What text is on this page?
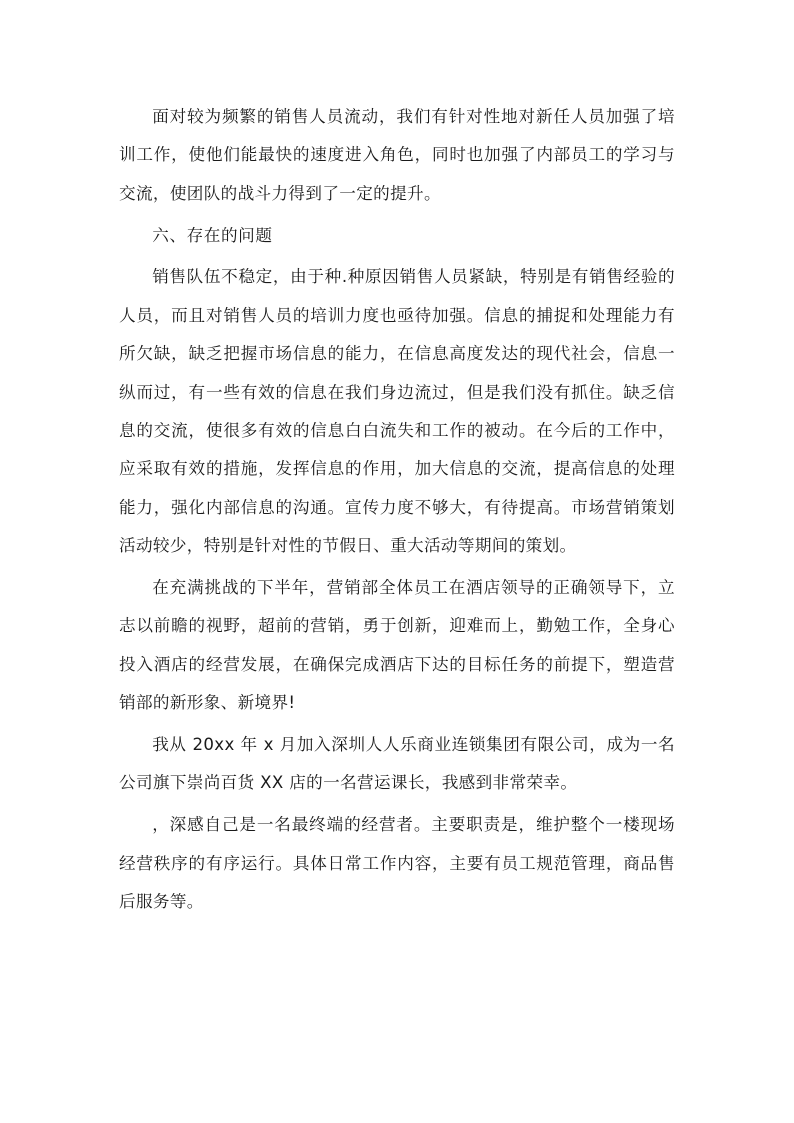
面对较为频繁的销售人员流动，我们有针对性地对新任人员加强了培训工作，使他们能最快的速度进入角色，同时也加强了内部员工的学习与交流，使团队的战斗力得到了一定的提升。

六、存在的问题

销售队伍不稳定，由于种.种原因销售人员紧缺，特别是有销售经验的人员，而且对销售人员的培训力度也亟待加强。信息的捕捉和处理能力有所欠缺，缺乏把握市场信息的能力，在信息高度发达的现代社会，信息一纵而过，有一些有效的信息在我们身边流过，但是我们没有抓住。缺乏信息的交流，使很多有效的信息白白流失和工作的被动。在今后的工作中，应采取有效的措施，发挥信息的作用，加大信息的交流，提高信息的处理能力，强化内部信息的沟通。宣传力度不够大，有待提高。市场营销策划活动较少，特别是针对性的节假日、重大活动等期间的策划。

在充满挑战的下半年，营销部全体员工在酒店领导的正确领导下，立志以前瞻的视野，超前的营销，勇于创新，迎难而上，勤勉工作，全身心投入酒店的经营发展，在确保完成酒店下达的目标任务的前提下，塑造营销部的新形象、新境界!

我从 20xx 年 x 月加入深圳人人乐商业连锁集团有限公司，成为一名公司旗下崇尚百货 XX 店的一名营运课长，我感到非常荣幸。

，深感自己是一名最终端的经营者。主要职责是，维护整个一楼现场经营秩序的有序运行。具体日常工作内容，主要有员工规范管理，商品售后服务等。
